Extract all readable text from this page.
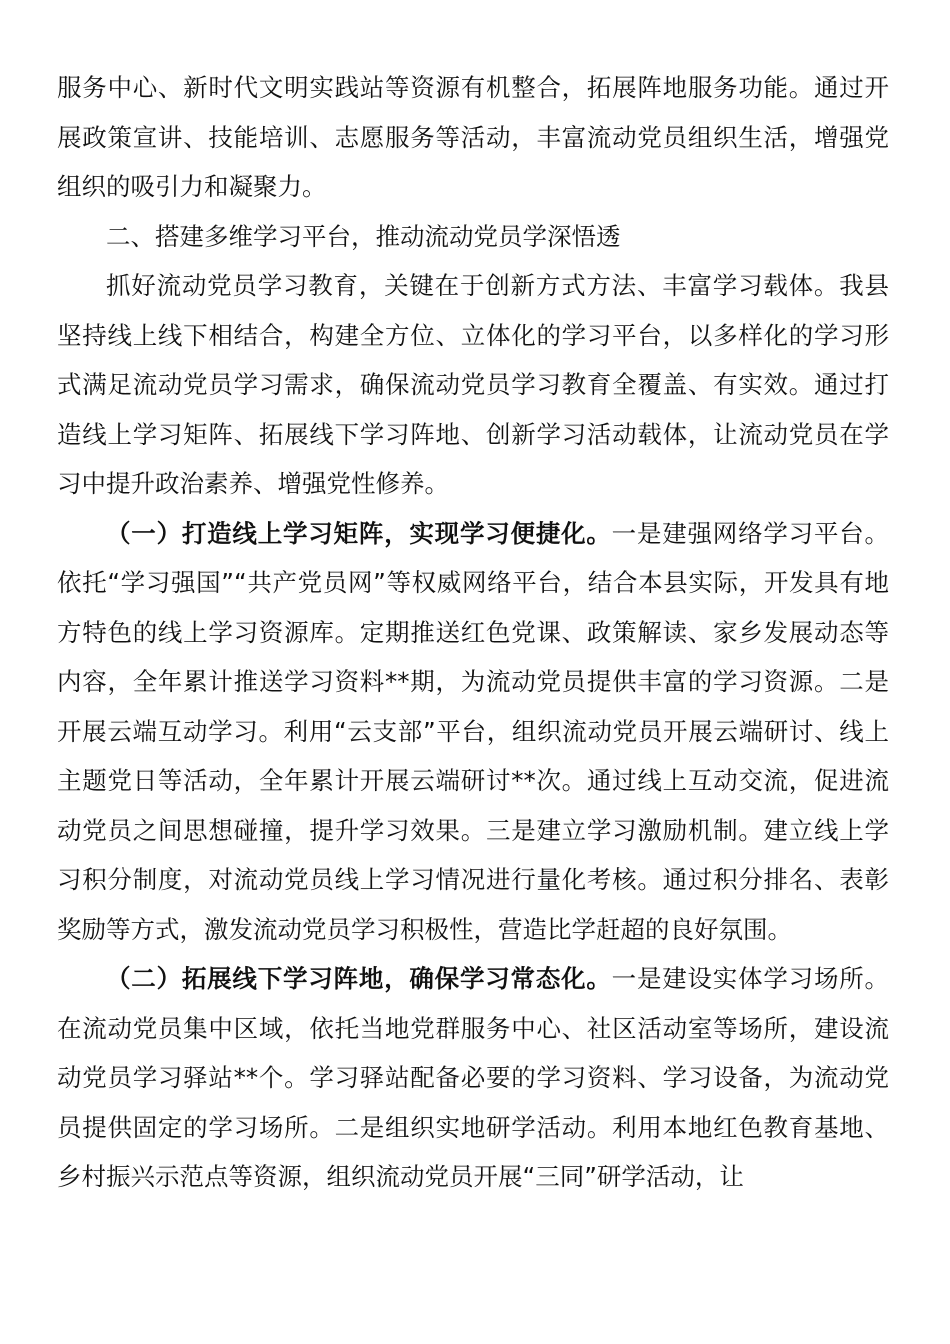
服务中心、新时代文明实践站等资源有机整合，拓展阵地服务功能。通过开展政策宣讲、技能培训、志愿服务等活动，丰富流动党员组织生活，增强党组织的吸引力和凝聚力。

二、搭建多维学习平台，推动流动党员学深悟透

抓好流动党员学习教育，关键在于创新方式方法、丰富学习载体。我县坚持线上线下相结合，构建全方位、立体化的学习平台，以多样化的学习形式满足流动党员学习需求，确保流动党员学习教育全覆盖、有实效。通过打造线上学习矩阵、拓展线下学习阵地、创新学习活动载体，让流动党员在学习中提升政治素养、增强党性修养。

（一）打造线上学习矩阵，实现学习便捷化。一是建强网络学习平台。依托“学习强国”“共产党员网”等权威网络平台，结合本县实际，开发具有地方特色的线上学习资源库。定期推送红色党课、政策解读、家乡发展动态等内容，全年累计推送学习资料**期，为流动党员提供丰富的学习资源。二是开展云端互动学习。利用“云支部”平台，组织流动党员开展云端研讨、线上主题党日等活动，全年累计开展云端研讨**次。通过线上互动交流，促进流动党员之间思想碰撞，提升学习效果。三是建立学习激励机制。建立线上学习积分制度，对流动党员线上学习情况进行量化考核。通过积分排名、表彰奖励等方式，激发流动党员学习积极性，营造比学赶超的良好氛围。

（二）拓展线下学习阵地，确保学习常态化。一是建设实体学习场所。在流动党员集中区域，依托当地党群服务中心、社区活动室等场所，建设流动党员学习驿站**个。学习驿站配备必要的学习资料、学习设备，为流动党员提供固定的学习场所。二是组织实地研学活动。利用本地红色教育基地、乡村振兴示范点等资源，组织流动党员开展“三同”研学活动，让
